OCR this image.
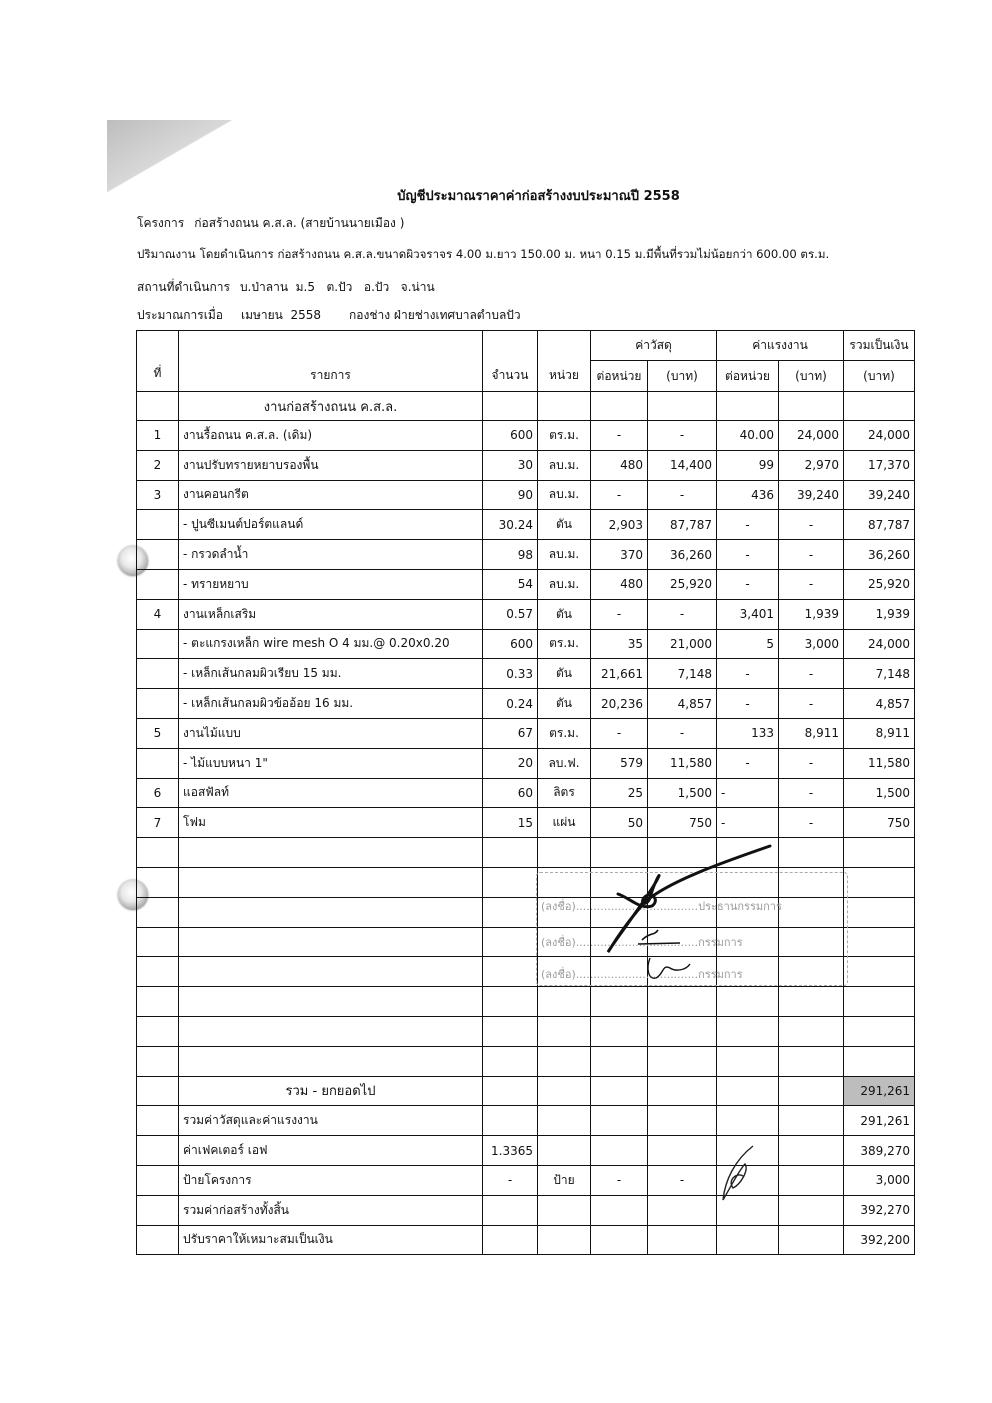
บัญชีประมาณราคาค่าก่อสร้างงบประมาณปี 2558
โครงการ ก่อสร้างถนน ค.ส.ล. (สายบ้านนายเมือง )
ปริมาณงาน โดยดำเนินการ ก่อสร้างถนน ค.ส.ล.ขนาดผิวจราจร 4.00 ม.ยาว 150.00 ม. หนา 0.15 ม.มีพื้นที่รวมไม่น้อยกว่า 600.00 ตร.ม.
สถานที่ดำเนินการ บ.ป่าลาน  ม.5   ต.ปัว   อ.ปัว   จ.น่าน
ประมาณการเมื่อ เมษายน  2558 กองช่าง ฝ่ายช่างเทศบาลตำบลปัว
ที่	รายการ	จำนวน	หน่วย	ค่าวัสดุ		ค่าแรงงาน		รวมเป็นเงิน
				ต่อหน่วย	(บาท)	ต่อหน่วย	(บาท)	(บาท)
	งานก่อสร้างถนน ค.ส.ล.							
1	งานรื้อถนน ค.ส.ล. (เดิม)	600	ตร.ม.	-	-	40.00	24,000	24,000
2	งานปรับทรายหยาบรองพื้น	30	ลบ.ม.	480	14,400	99	2,970	17,370
3	งานคอนกรีต	90	ลบ.ม.	-	-	436	39,240	39,240
	- ปูนซีเมนต์ปอร์ตแลนด์	30.24	ตัน	2,903	87,787	-	-	87,787
	- กรวดลำน้ำ	98	ลบ.ม.	370	36,260	-	-	36,260
	- ทรายหยาบ	54	ลบ.ม.	480	25,920	-	-	25,920
4	งานเหล็กเสริม	0.57	ตัน	-	-	3,401	1,939	1,939
	- ตะแกรงเหล็ก wire mesh O 4 มม.@ 0.20x0.20	600	ตร.ม.	35	21,000	5	3,000	24,000
	- เหล็กเส้นกลมผิวเรียบ 15 มม.	0.33	ตัน	21,661	7,148	-	-	7,148
	- เหล็กเส้นกลมผิวข้ออ้อย 16 มม.	0.24	ตัน	20,236	4,857	-	-	4,857
5	งานไม้แบบ	67	ตร.ม.	-	-	133	8,911	8,911
	- ไม้แบบหนา 1"	20	ลบ.ฟ.	579	11,580	-	-	11,580
6	แอสฟัลท์	60	ลิตร	25	1,500	-	-	1,500
7	โฟม	15	แผ่น	50	750	-	-	750

	รวม - ยกยอดไป							291,261
	รวมค่าวัสดุและค่าแรงงาน							291,261
	ค่าเฟคเตอร์ เอฟ	1.3365						389,270
	ป้ายโครงการ	-	ป้าย	-	-			3,000
	รวมค่าก่อสร้างทั้งสิ้น							392,270
	ปรับราคาให้เหมาะสมเป็นเงิน							392,200
(ลงชื่อ)...................................ประธานกรรมการ
(ลงชื่อ)...................................กรรมการ
(ลงชื่อ)...................................กรรมการ
